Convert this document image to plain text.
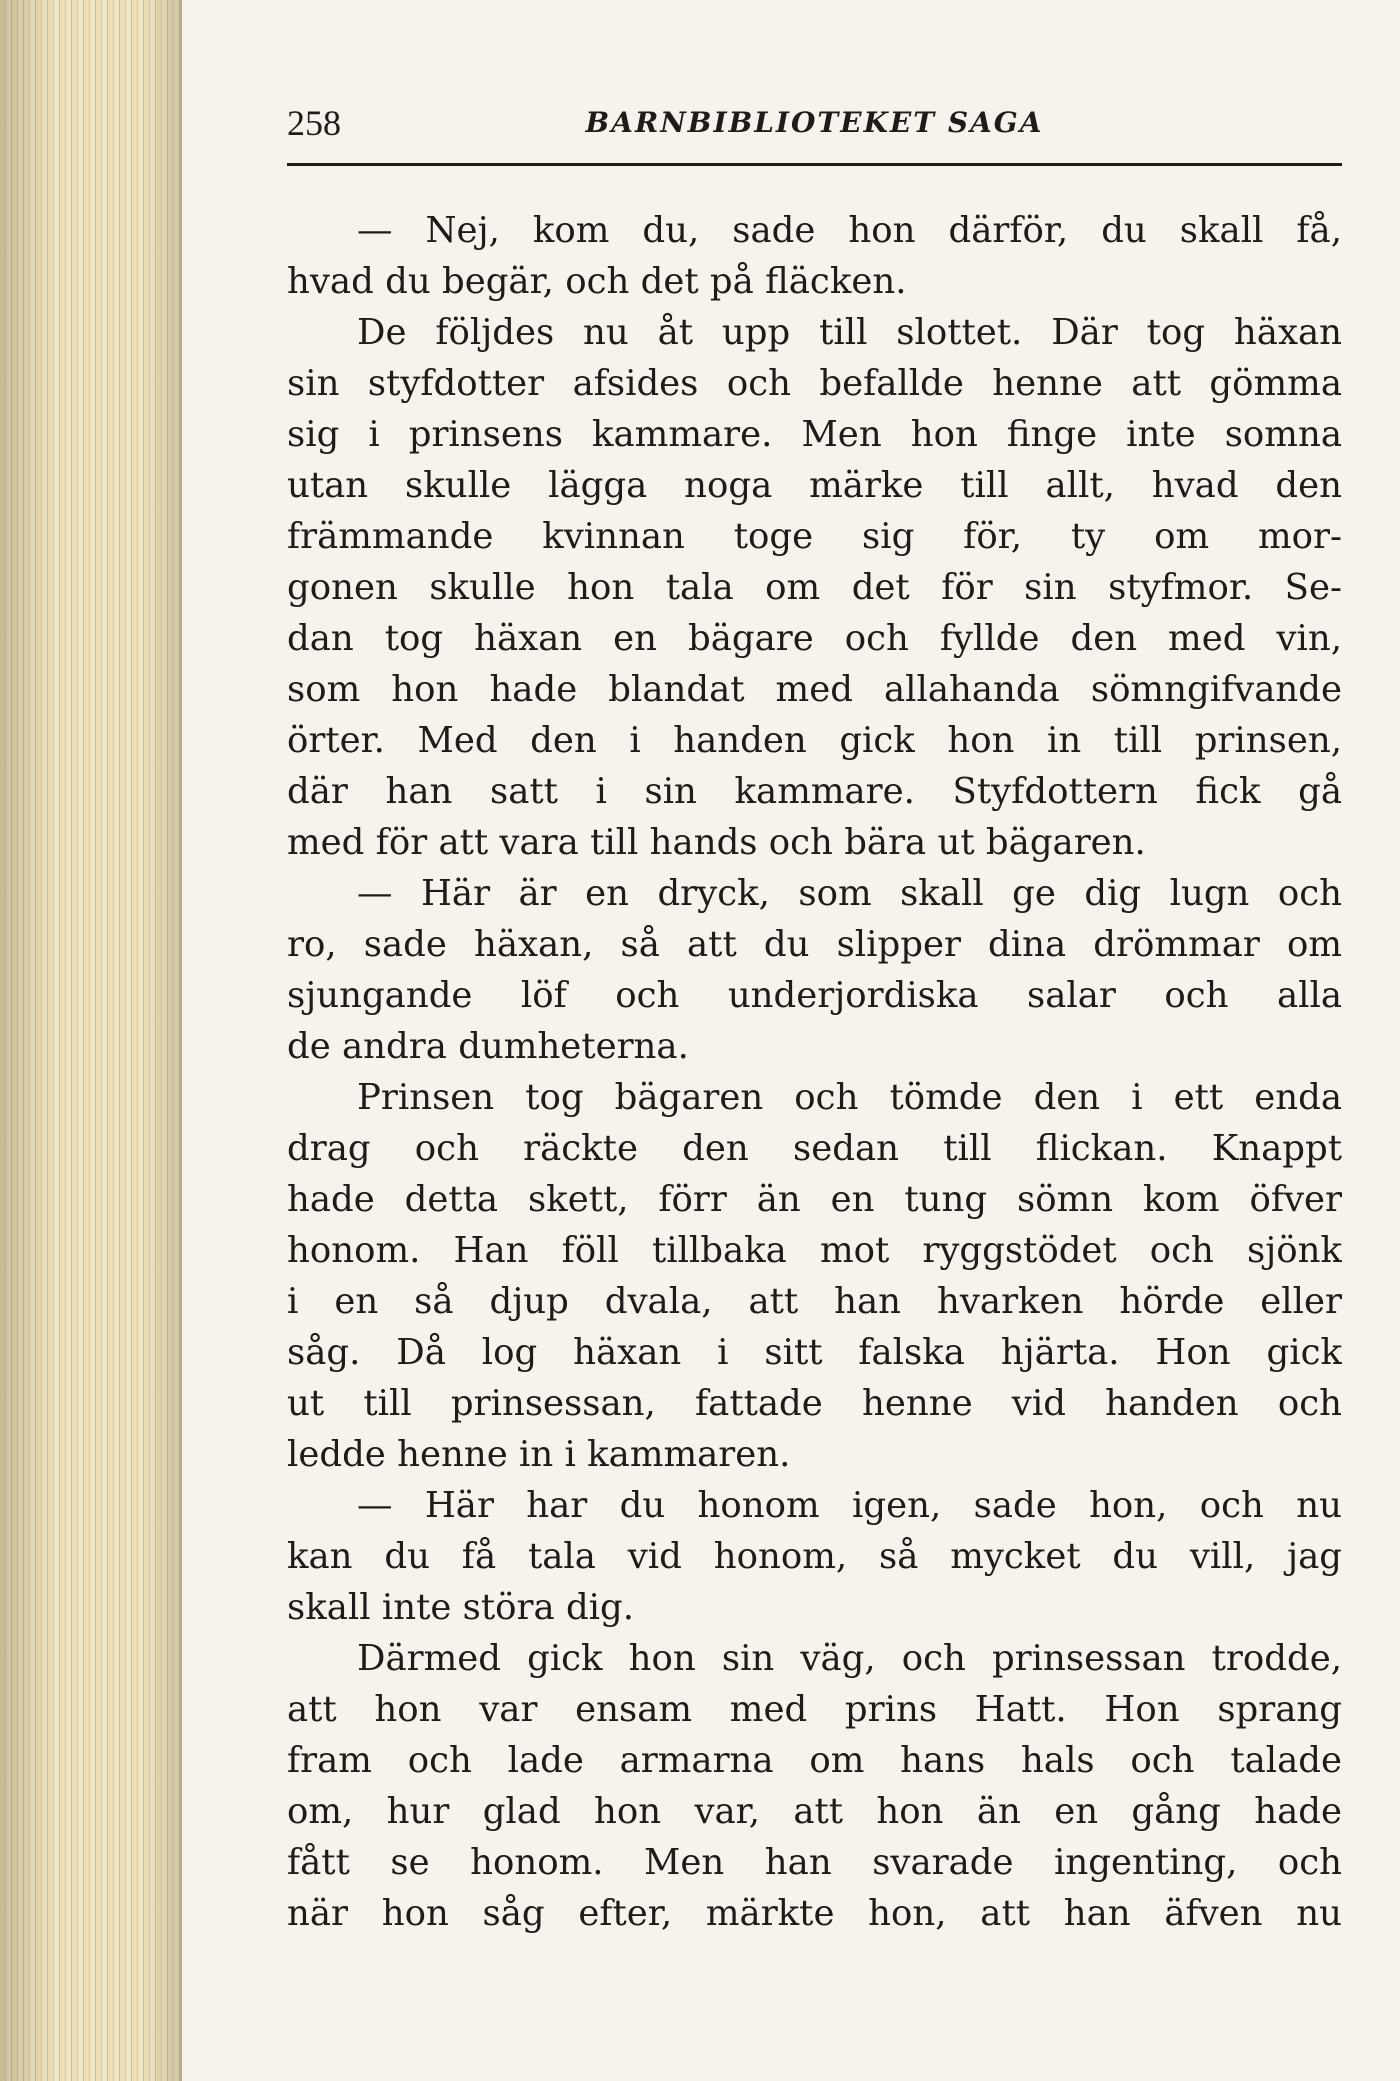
258	BARNBIBLIOTEKET SAGA
— Nej, kom du, sade hon därför, du skall få,
hvad du begär, och det på fläcken.
De följdes nu åt upp till slottet. Där tog häxan
sin styfdotter afsides och befallde henne att gömma
sig i prinsens kammare. Men hon finge inte somna
utan skulle lägga noga märke till allt, hvad den
främmande kvinnan toge sig för, ty om mor-
gonen skulle hon tala om det för sin styfmor. Se-
dan tog häxan en bägare och fyllde den med vin,
som hon hade blandat med allahanda sömngifvande
örter. Med den i handen gick hon in till prinsen,
där han satt i sin kammare. Styfdottern fick gå
med för att vara till hands och bära ut bägaren.
— Här är en dryck, som skall ge dig lugn och
ro, sade häxan, så att du slipper dina drömmar om
sjungande löf och underjordiska salar och alla
de andra dumheterna.
Prinsen tog bägaren och tömde den i ett enda
drag och räckte den sedan till flickan. Knappt
hade detta skett, förr än en tung sömn kom öfver
honom. Han föll tillbaka mot ryggstödet och sjönk
i en så djup dvala, att han hvarken hörde eller
såg. Då log häxan i sitt falska hjärta. Hon gick
ut till prinsessan, fattade henne vid handen och
ledde henne in i kammaren.
— Här har du honom igen, sade hon, och nu
kan du få tala vid honom, så mycket du vill, jag
skall inte störa dig.
Därmed gick hon sin väg, och prinsessan trodde,
att hon var ensam med prins Hatt. Hon sprang
fram och lade armarna om hans hals och talade
om, hur glad hon var, att hon än en gång hade
fått se honom. Men han svarade ingenting, och
när hon såg efter, märkte hon, att han äfven nu
